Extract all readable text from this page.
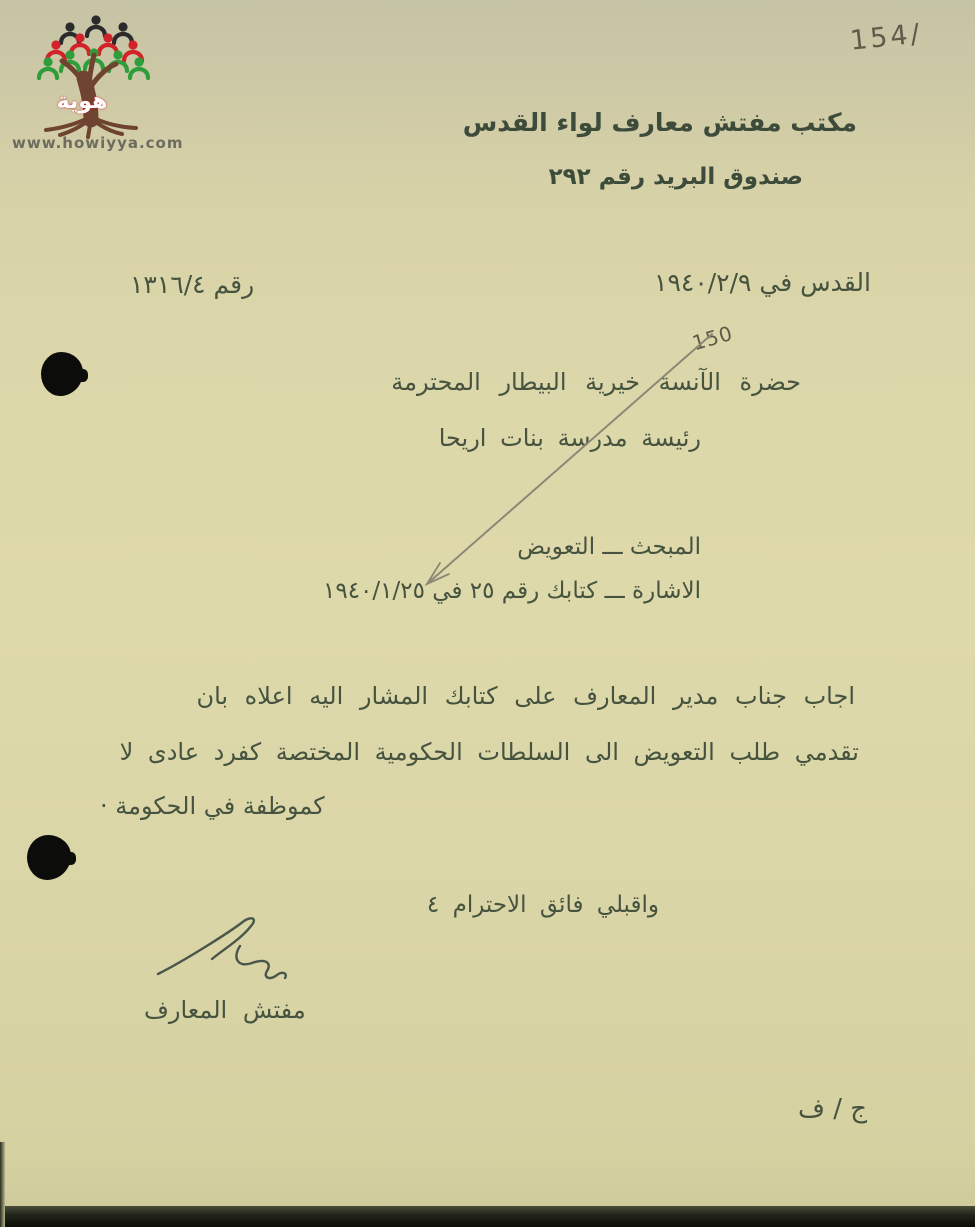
هوية
www.howiyya.com
154/
مكتب مفتش معارف لواء القدس
صندوق البريد رقم ٢٩٢
القدس في ١٩٤٠/٢/٩
رقم ١٣١٦/٤
150
حضرة الآنسة خيرية البيطار المحترمة
رئيسة مدرسة بنات اريحا
المبحث ـــ التعويض
الاشارة ـــ كتابك رقم ٢٥ في ١٩٤٠/١/٢٥
اجاب جناب مدير المعارف على كتابك المشار اليه اعلاه بان
تقدمي طلب التعويض الى السلطات الحكومية المختصة كفرد عادى لا
كموظفة في الحكومة ·
واقبلي فائق الاحترام ٤
مفتش المعارف
ج / ف
